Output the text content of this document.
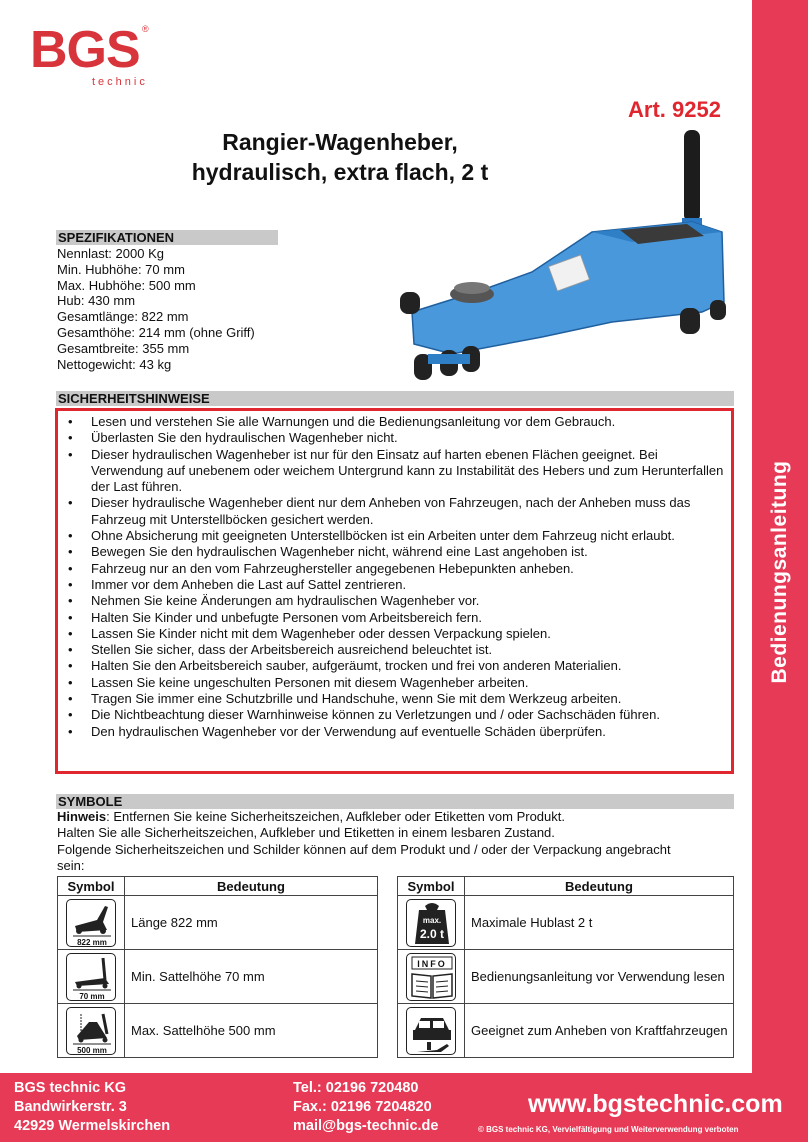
BGS ®
technic
Art. 9252
Rangier-Wagenheber,
hydraulisch, extra flach, 2 t
Bedienungsanleitung
SPEZIFIKATIONEN
Nennlast: 2000 Kg
Min. Hubhöhe: 70 mm
Max. Hubhöhe: 500 mm
Hub: 430 mm
Gesamtlänge: 822 mm
Gesamthöhe: 214 mm (ohne Griff)
Gesamtbreite: 355 mm
Nettogewicht: 43 kg
SICHERHEITSHINWEISE
• Lesen und verstehen Sie alle Warnungen und die Bedienungsanleitung vor dem Gebrauch.
• Überlasten Sie den hydraulischen Wagenheber nicht.
• Dieser hydraulischen Wagenheber ist nur für den Einsatz auf harten ebenen Flächen geeignet. Bei Verwendung auf unebenem oder weichem Untergrund kann zu Instabilität des Hebers und zum Herunterfallen der Last führen.
• Dieser hydraulische Wagenheber dient nur dem Anheben von Fahrzeugen, nach der Anheben muss das Fahrzeug mit Unterstellböcken gesichert werden.
• Ohne Absicherung mit geeigneten Unterstellböcken ist ein Arbeiten unter dem Fahrzeug nicht erlaubt.
• Bewegen Sie den hydraulischen Wagenheber nicht, während eine Last angehoben ist.
• Fahrzeug nur an den vom Fahrzeughersteller angegebenen Hebepunkten anheben.
• Immer vor dem Anheben die Last auf Sattel zentrieren.
• Nehmen Sie keine Änderungen am hydraulischen Wagenheber vor.
• Halten Sie Kinder und unbefugte Personen vom Arbeitsbereich fern.
• Lassen Sie Kinder nicht mit dem Wagenheber oder dessen Verpackung spielen.
• Stellen Sie sicher, dass der Arbeitsbereich ausreichend beleuchtet ist.
• Halten Sie den Arbeitsbereich sauber, aufgeräumt, trocken und frei von anderen Materialien.
• Lassen Sie keine ungeschulten Personen mit diesem Wagenheber arbeiten.
• Tragen Sie immer eine Schutzbrille und Handschuhe, wenn Sie mit dem Werkzeug arbeiten.
• Die Nichtbeachtung dieser Warnhinweise können zu Verletzungen und / oder Sachschäden führen.
• Den hydraulischen Wagenheber vor der Verwendung auf eventuelle Schäden überprüfen.
SYMBOLE
Hinweis: Entfernen Sie keine Sicherheitszeichen, Aufkleber oder Etiketten vom Produkt.
Halten Sie alle Sicherheitszeichen, Aufkleber und Etiketten in einem lesbaren Zustand.
Folgende Sicherheitszeichen und Schilder können auf dem Produkt und / oder der Verpackung angebracht sein:
Symbol	Bedeutung

822 mm	Länge 822 mm

70 mm	Min. Sattelhöhe 70 mm

500 mm	Max. Sattelhöhe 500 mm
Symbol	Bedeutung

max.
2.0 t	Maximale Hublast 2 t

INFO	Bedienungsanleitung vor Verwendung lesen

	Geeignet zum Anheben von Kraftfahrzeugen
BGS technic KG
Bandwirkerstr. 3
42929 Wermelskirchen
Tel.: 02196 720480
Fax.: 02196 7204820
mail@bgs-technic.de
www.bgstechnic.com
© BGS technic KG, Vervielfältigung und Weiterverwendung verboten
